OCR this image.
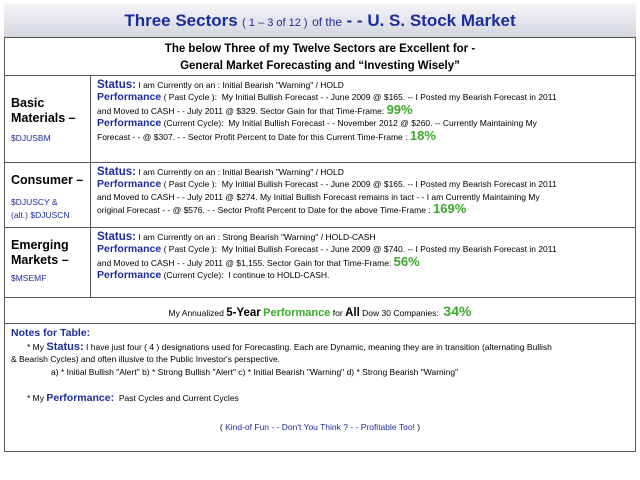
Three Sectors ( 1 – 3 of 12 ) of the - - U. S. Stock Market
The below Three of my Twelve Sectors are Excellent for -
General Market Forecasting and “Investing Wisely”
Basic
Materials –
$DJUSBM
Status: I am Currently on an : Initial Bearish "Warning" / HOLD
Performance ( Past Cycle ): My Initial Bullish Forecast - - June 2009 @ $165. -- I Posted my Bearish Forecast in 2011
and Moved to CASH - - July 2011 @ $329. Sector Gain for that Time-Frame: 99%
Performance (Current Cycle): My Initial Bullish Forecast - - November 2012 @ $260. -- Currently Maintaining My
Forecast - - @ $307. - - Sector Profit Percent to Date for this Current Time-Frame : 18%
Consumer –
$DJUSCY &
(alt.) $DJUSCN
Status: I am Currently on an : Initial Bearish "Warning" / HOLD
Performance ( Past Cycle ): My Initial Bullish Forecast - - June 2009 @ $165. -- I Posted my Bearish Forecast in 2011
and Moved to CASH - - July 2011 @ $274. My Initial Bullish Forecast remains in tact - - I am Currently Maintaining My
original Forecast - - @ $576. - - Sector Profit Percent to Date for the above Time-Frame : 169%
Emerging
Markets –
$MSEMF
Status: I am Currently on an : Strong Bearish "Warning" / HOLD-CASH
Performance ( Past Cycle ): My Initial Bullish Forecast - - June 2009 @ $740. -- I Posted my Bearish Forecast in 2011
and Moved to CASH - - July 2011 @ $1,155. Sector Gain for that Time-Frame: 56%
Performance (Current Cycle): I continue to HOLD-CASH.
My Annualized 5-Year Performance for All Dow 30 Companies: 34%
Notes for Table:
* My Status: I have just four ( 4 ) designations used for Forecasting. Each are Dynamic, meaning they are in transition (alternating Bullish
& Bearish Cycles) and often illusive to the Public Investor's perspective.
a) * Initial Bullish "Alert" b) * Strong Bullish "Alert" c) * Initial Bearish "Warning" d) * Strong Bearish "Warning"
* My Performance: Past Cycles and Current Cycles
( Kind-of Fun - - Don't You Think ? - - Profitable Too! )
